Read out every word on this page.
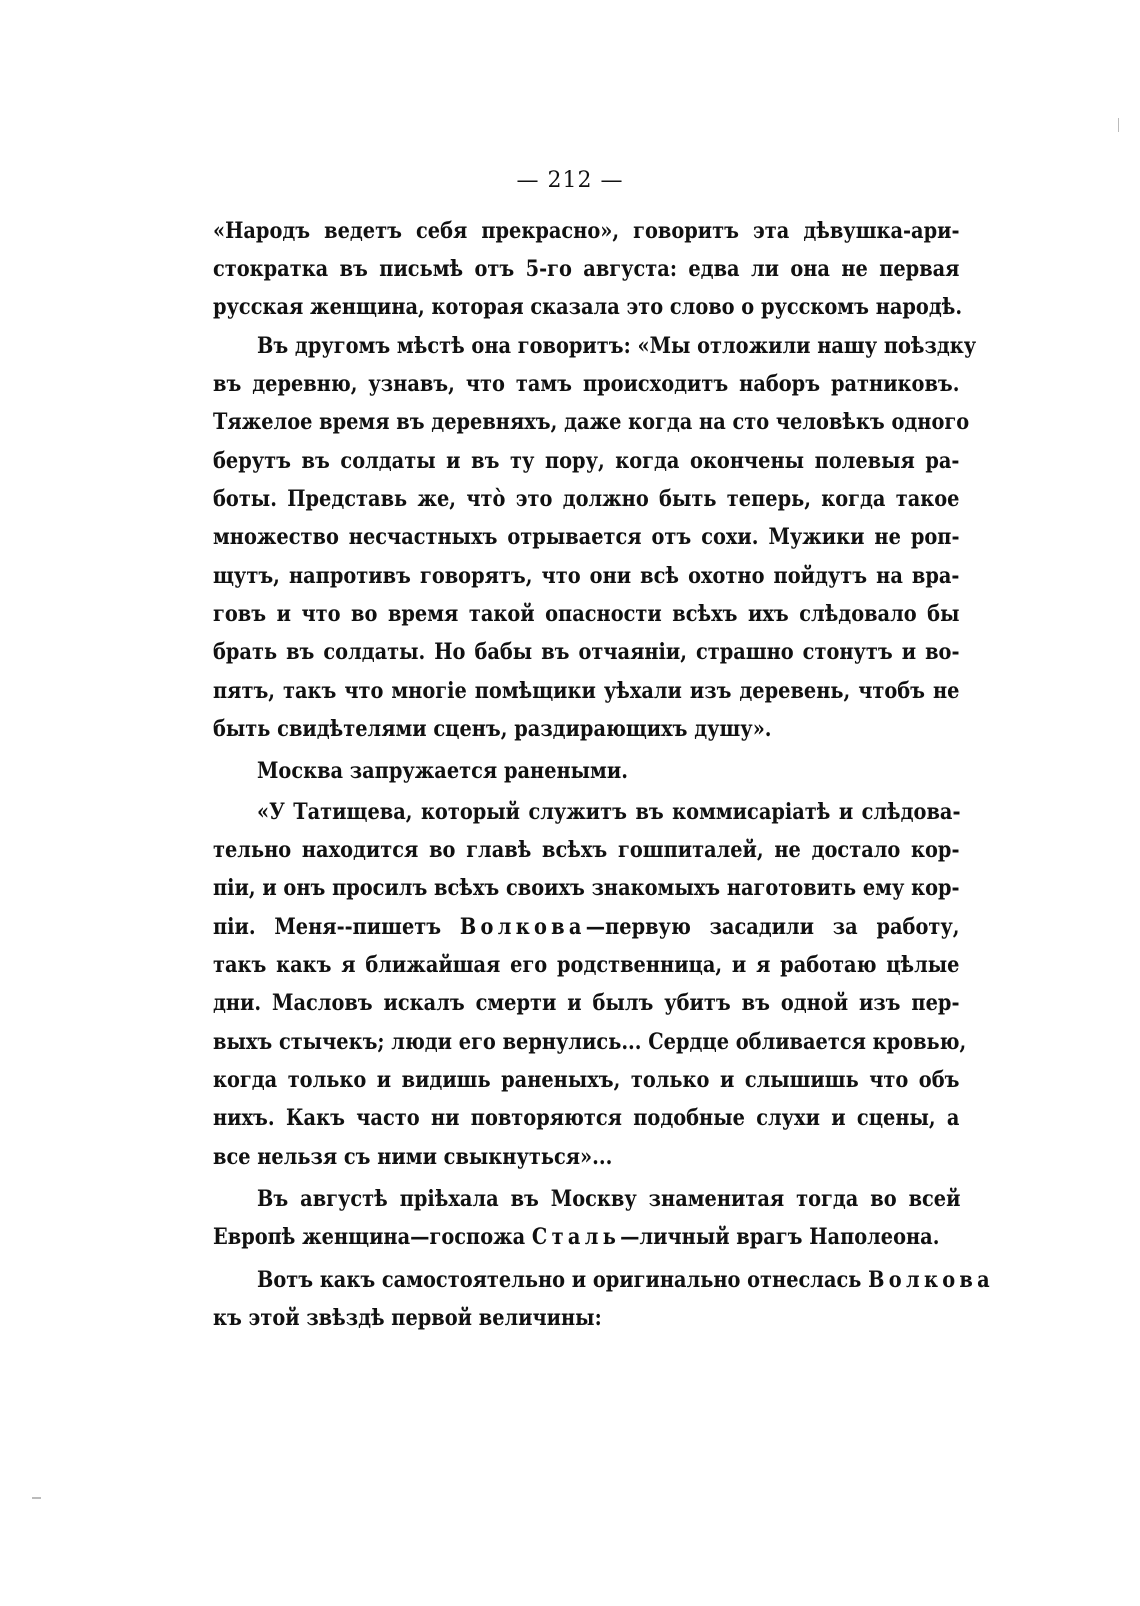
— 212 —
«Народъ ведетъ себя прекрасно», говоритъ эта дѣвушка-ари-
стократка въ письмѣ отъ 5-го августа: едва ли она не первая
русская женщина, которая сказала это слово о русскомъ народѣ.
Въ другомъ мѣстѣ она говоритъ: «Мы отложили нашу поѣздку
въ деревню, узнавъ, что тамъ происходитъ наборъ ратниковъ.
Тяжелое время въ деревняхъ, даже когда на сто человѣкъ одного
берутъ въ солдаты и въ ту пору, когда окончены полевыя ра-
боты. Представь же, что̀ это должно быть теперь, когда такое
множество несчастныхъ отрывается отъ сохи. Мужики не роп-
щутъ, напротивъ говорятъ, что они всѣ охотно пойдутъ на вра-
говъ и что во время такой опасности всѣхъ ихъ слѣдовало бы
брать въ солдаты. Но бабы въ отчаяніи, страшно стонутъ и во-
пятъ, такъ что многіе помѣщики уѣхали изъ деревень, чтобъ не
быть свидѣтелями сценъ, раздирающихъ душу».
Москва запружается ранеными.
«У Татищева, который служитъ въ коммисаріатѣ и слѣдова-
тельно находится во главѣ всѣхъ гошпиталей, не достало кор-
піи, и онъ просилъ всѣхъ своихъ знакомыхъ наготовить ему кор-
піи. Меня--пишетъ Волкова—первую засадили за работу,
такъ какъ я ближайшая его родственница, и я работаю цѣлые
дни. Масловъ искалъ смерти и былъ убитъ въ одной изъ пер-
выхъ стычекъ; люди его вернулись... Сердце обливается кровью,
когда только и видишь раненыхъ, только и слышишь что объ
нихъ. Какъ часто ни повторяются подобные слухи и сцены, а
все нельзя съ ними свыкнуться»...
Въ августѣ пріѣхала въ Москву знаменитая тогда во всей
Европѣ женщина—госпожа Сталь—личный врагъ Наполеона.
Вотъ какъ самостоятельно и оригинально отнеслась Волкова
къ этой звѣздѣ первой величины:
